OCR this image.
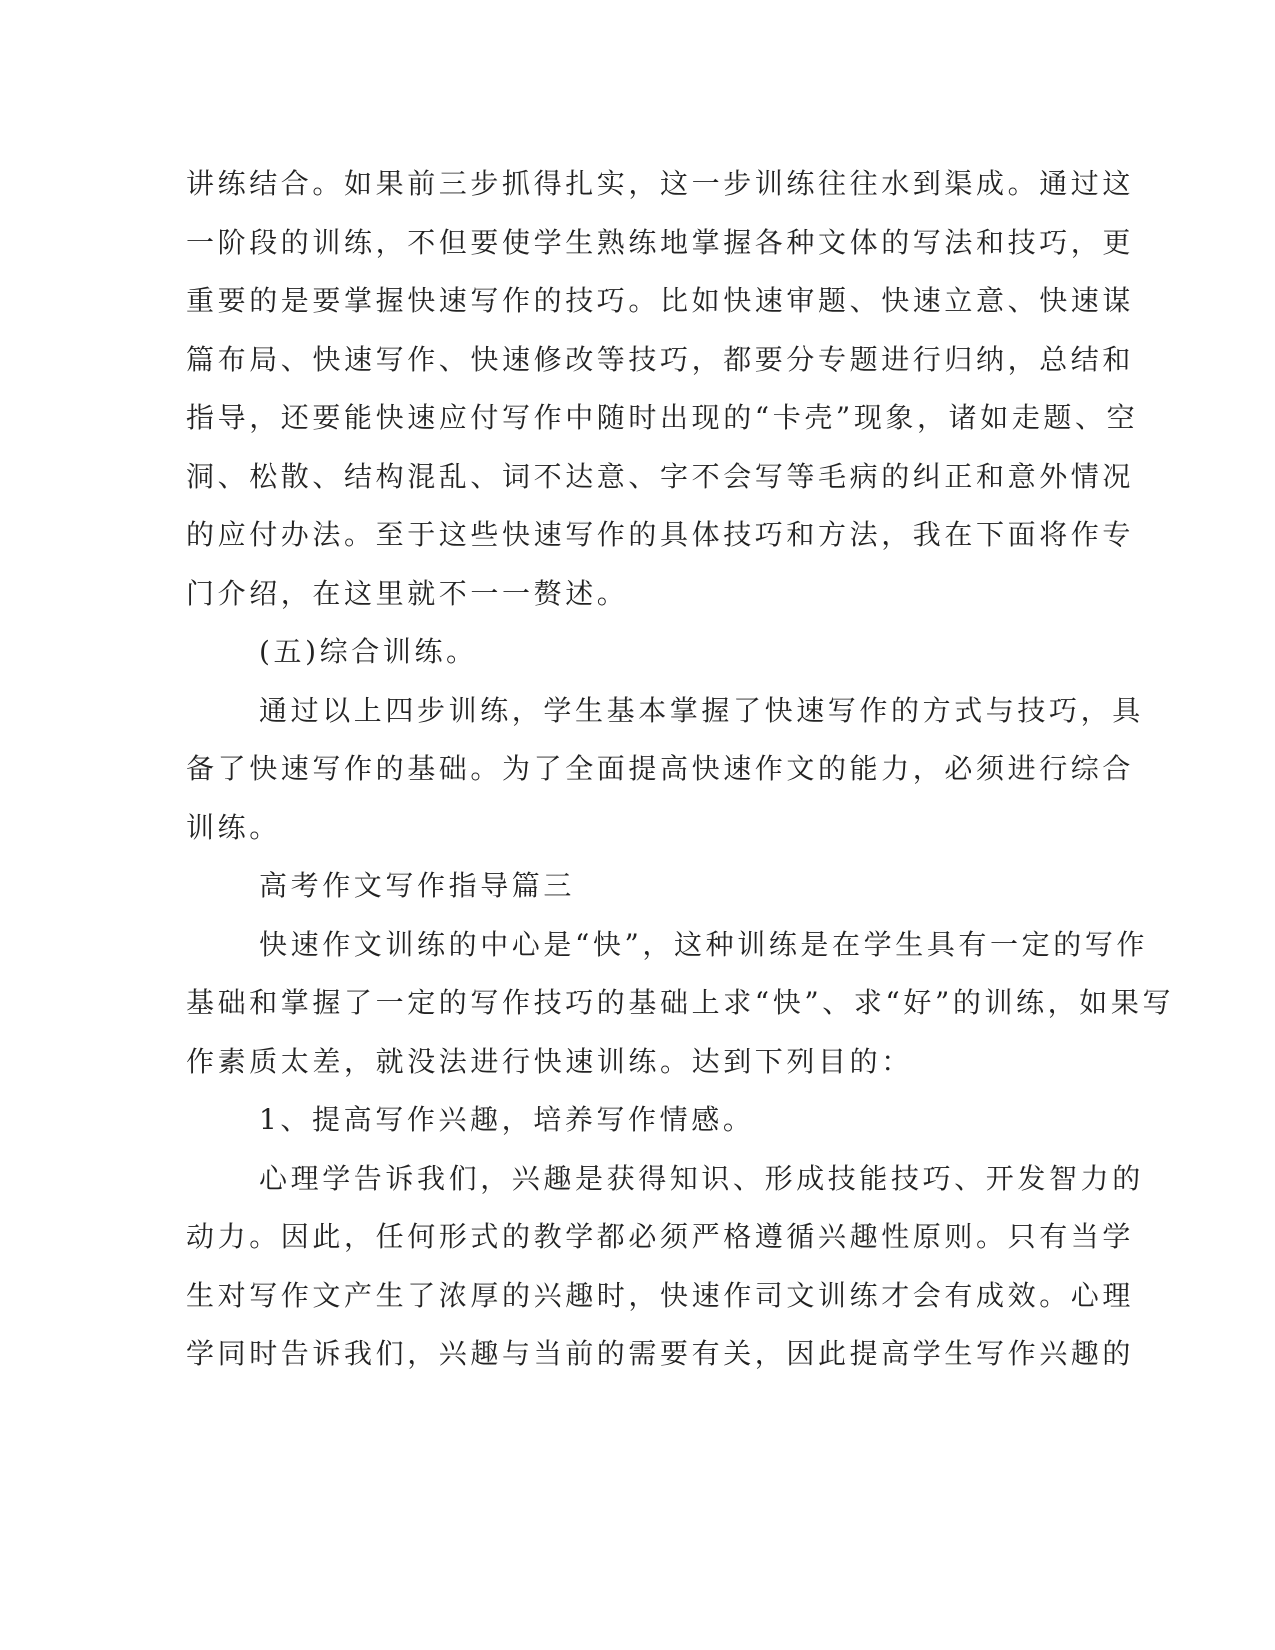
讲练结合。如果前三步抓得扎实，这一步训练往往水到渠成。通过这
一阶段的训练，不但要使学生熟练地掌握各种文体的写法和技巧，更
重要的是要掌握快速写作的技巧。比如快速审题、快速立意、快速谋
篇布局、快速写作、快速修改等技巧，都要分专题进行归纳，总结和
指导，还要能快速应付写作中随时出现的“卡壳”现象，诸如走题、空
洞、松散、结构混乱、词不达意、字不会写等毛病的纠正和意外情况
的应付办法。至于这些快速写作的具体技巧和方法，我在下面将作专
门介绍，在这里就不一一赘述。
(五)综合训练。
通过以上四步训练，学生基本掌握了快速写作的方式与技巧，具
备了快速写作的基础。为了全面提高快速作文的能力，必须进行综合
训练。
高考作文写作指导篇三
快速作文训练的中心是“快”，这种训练是在学生具有一定的写作
基础和掌握了一定的写作技巧的基础上求“快”、求“好”的训练，如果写
作素质太差，就没法进行快速训练。达到下列目的：
1、提高写作兴趣，培养写作情感。
心理学告诉我们，兴趣是获得知识、形成技能技巧、开发智力的
动力。因此，任何形式的教学都必须严格遵循兴趣性原则。只有当学
生对写作文产生了浓厚的兴趣时，快速作司文训练才会有成效。心理
学同时告诉我们，兴趣与当前的需要有关，因此提高学生写作兴趣的
